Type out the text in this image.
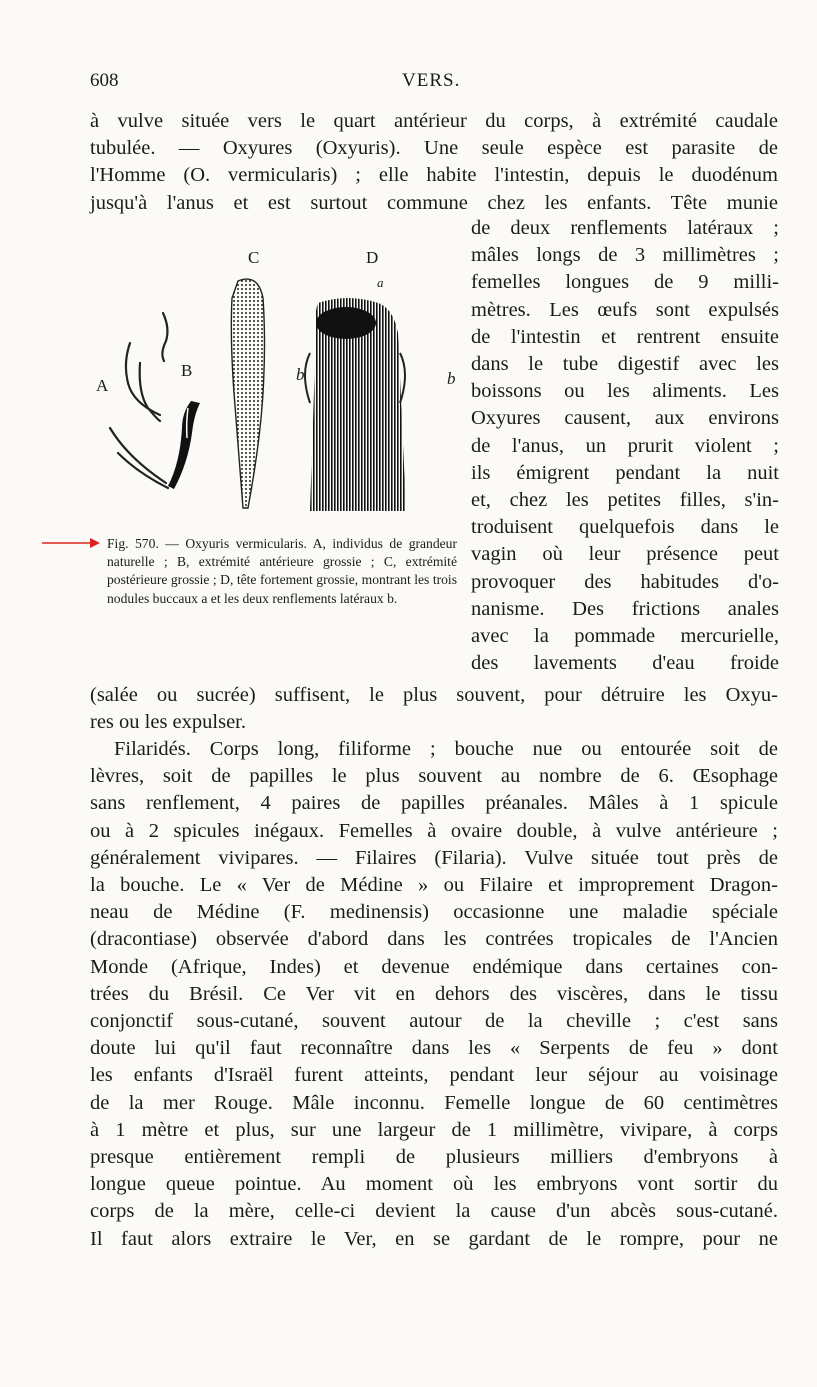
608	VERS.
à vulve située vers le quart antérieur du corps, à extrémité caudale
tubulée. — Oxyures (Oxyuris). Une seule espèce est parasite de
l'Homme (O. vermicularis) ; elle habite l'intestin, depuis le duodénum
jusqu'à l'anus et est surtout commune chez les enfants. Tête munie
de deux renflements latéraux ;
mâles longs de 3 millimètres ;
femelles longues de 9 milli-
mètres. Les œufs sont expulsés
de l'intestin et rentrent ensuite
dans le tube digestif avec les
boissons ou les aliments. Les
Oxyures causent, aux environs
de l'anus, un prurit violent ;
ils émigrent pendant la nuit
et, chez les petites filles, s'in-
troduisent quelquefois dans le
vagin où leur présence peut
provoquer des habitudes d'o-
nanisme. Des frictions anales
avec la pommade mercurielle,
des lavements d'eau froide
A
B
C	D
a
b	b
Fig. 570. — Oxyuris vermicularis. A, individus de grandeur naturelle ; B, extrémité antérieure grossie ; C, extrémité postérieure grossie ; D, tête fortement grossie, montrant les trois nodules buccaux a et les deux renflements latéraux b.
(salée ou sucrée) suffisent, le plus souvent, pour détruire les Oxyu-
res ou les expulser.
Filaridés. Corps long, filiforme ; bouche nue ou entourée soit de
lèvres, soit de papilles le plus souvent au nombre de 6. Œsophage
sans renflement, 4 paires de papilles préanales. Mâles à 1 spicule
ou à 2 spicules inégaux. Femelles à ovaire double, à vulve antérieure ;
généralement vivipares. — Filaires (Filaria). Vulve située tout près de
la bouche. Le « Ver de Médine » ou Filaire et improprement Dragon-
neau de Médine (F. medinensis) occasionne une maladie spéciale
(dracontiase) observée d'abord dans les contrées tropicales de l'Ancien
Monde (Afrique, Indes) et devenue endémique dans certaines con-
trées du Brésil. Ce Ver vit en dehors des viscères, dans le tissu
conjonctif sous-cutané, souvent autour de la cheville ; c'est sans
doute lui qu'il faut reconnaître dans les « Serpents de feu » dont
les enfants d'Israël furent atteints, pendant leur séjour au voisinage
de la mer Rouge. Mâle inconnu. Femelle longue de 60 centimètres
à 1 mètre et plus, sur une largeur de 1 millimètre, vivipare, à corps
presque entièrement rempli de plusieurs milliers d'embryons à
longue queue pointue. Au moment où les embryons vont sortir du
corps de la mère, celle-ci devient la cause d'un abcès sous-cutané.
Il faut alors extraire le Ver, en se gardant de le rompre, pour ne
